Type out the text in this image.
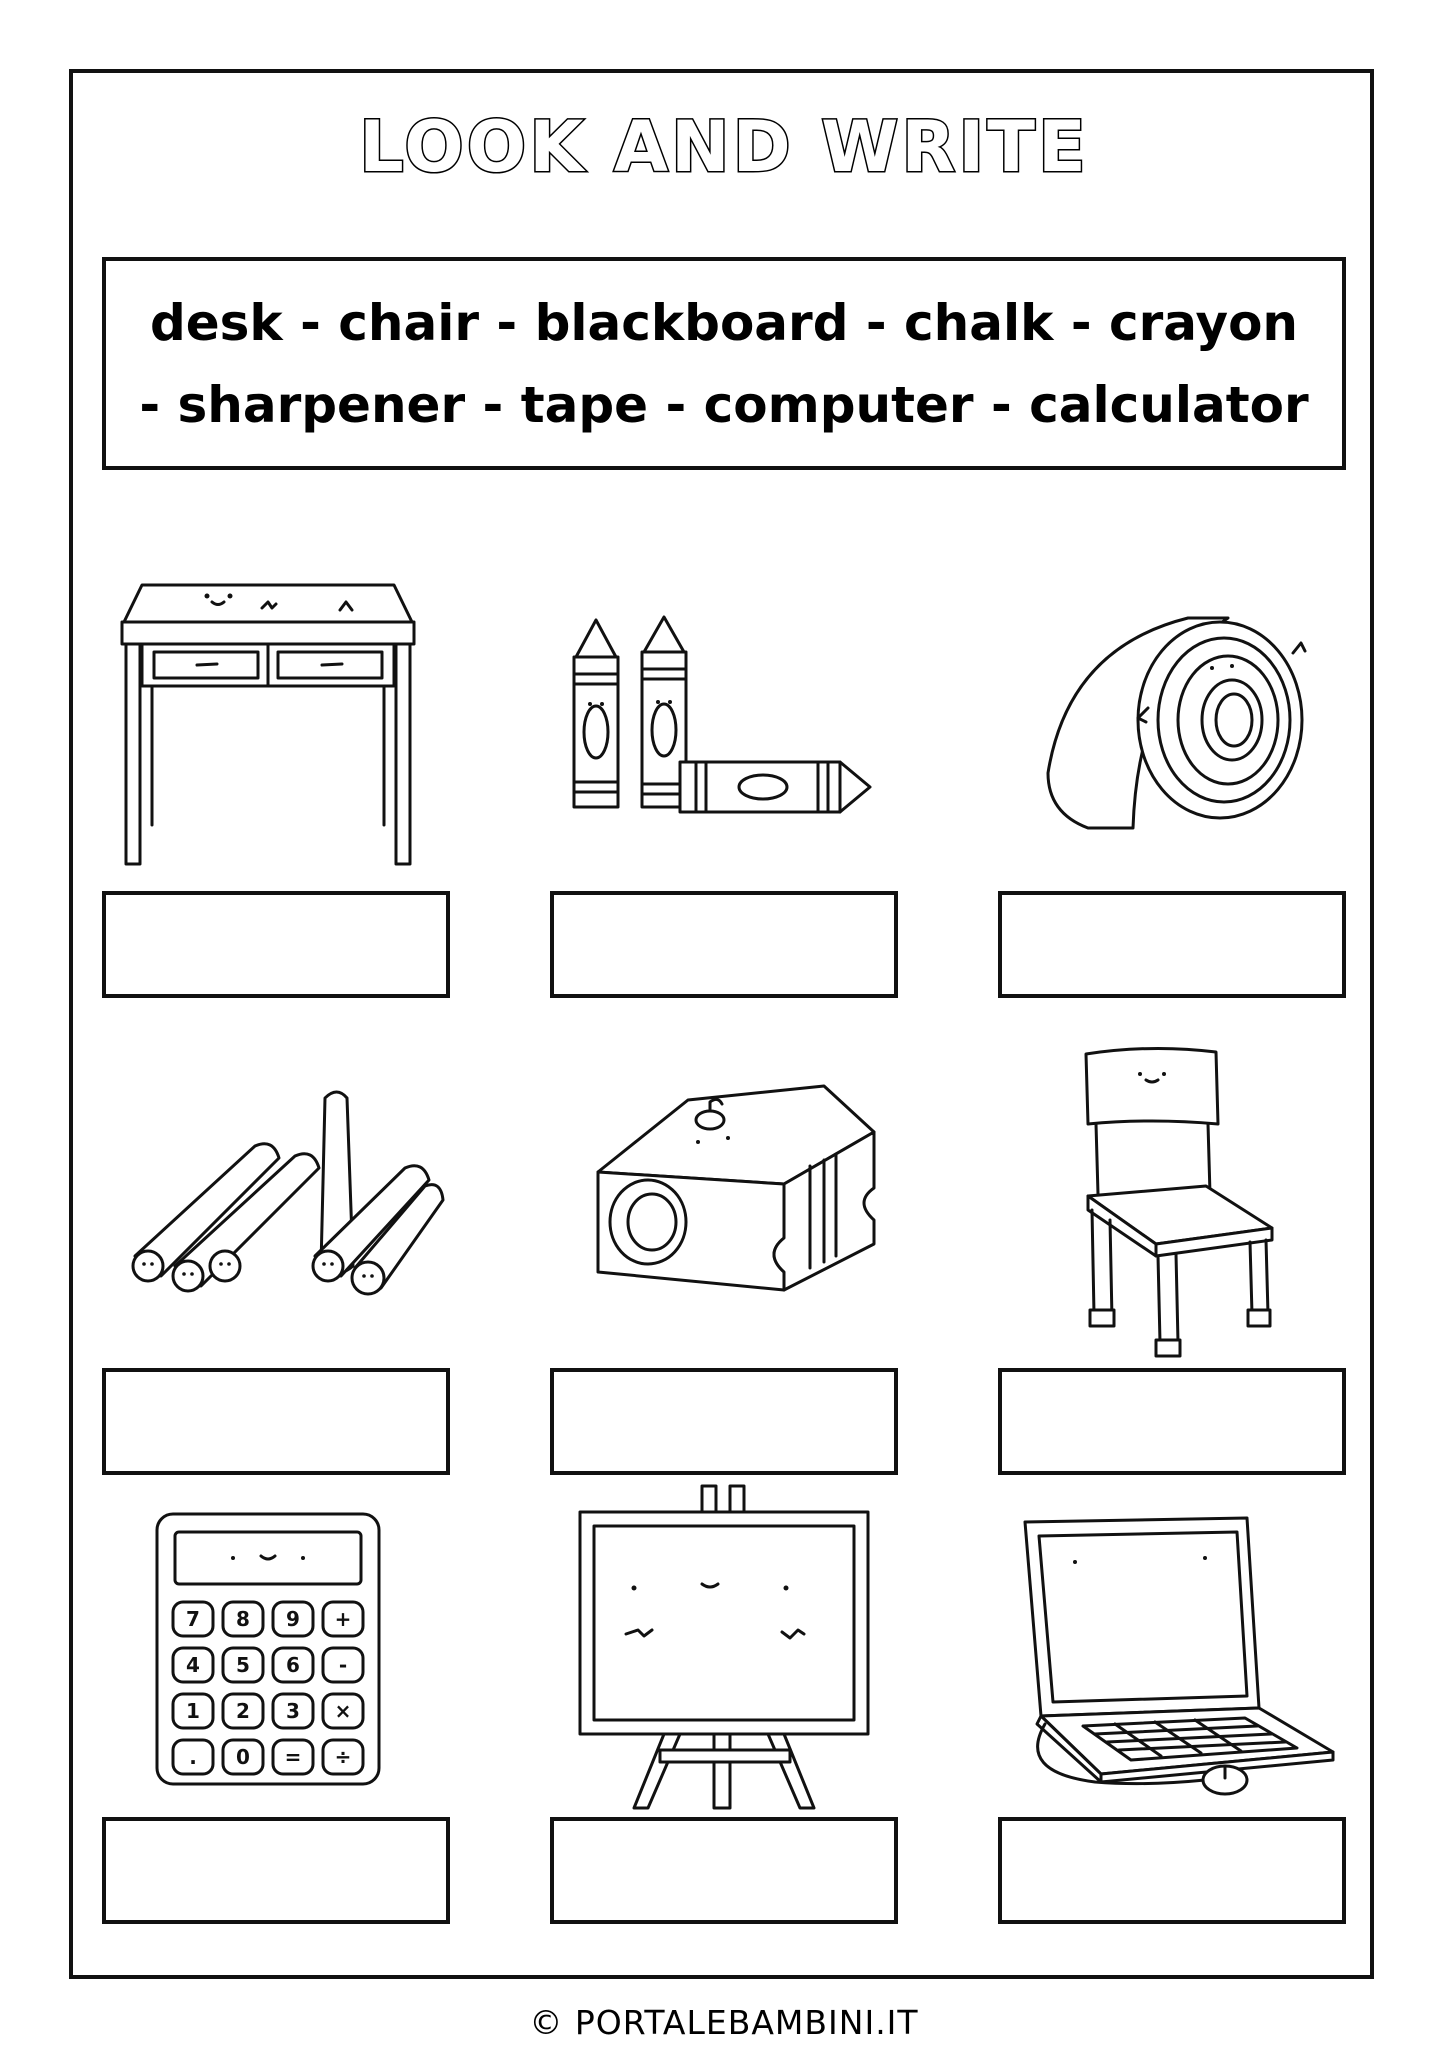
LOOK AND WRITE
desk - chair - blackboard - chalk - crayon
- sharpener - tape - computer - calculator
7 8 9 +
4 5 6 -
1 2 3 ×
. 0 = ÷
© PORTALEBAMBINI.IT
